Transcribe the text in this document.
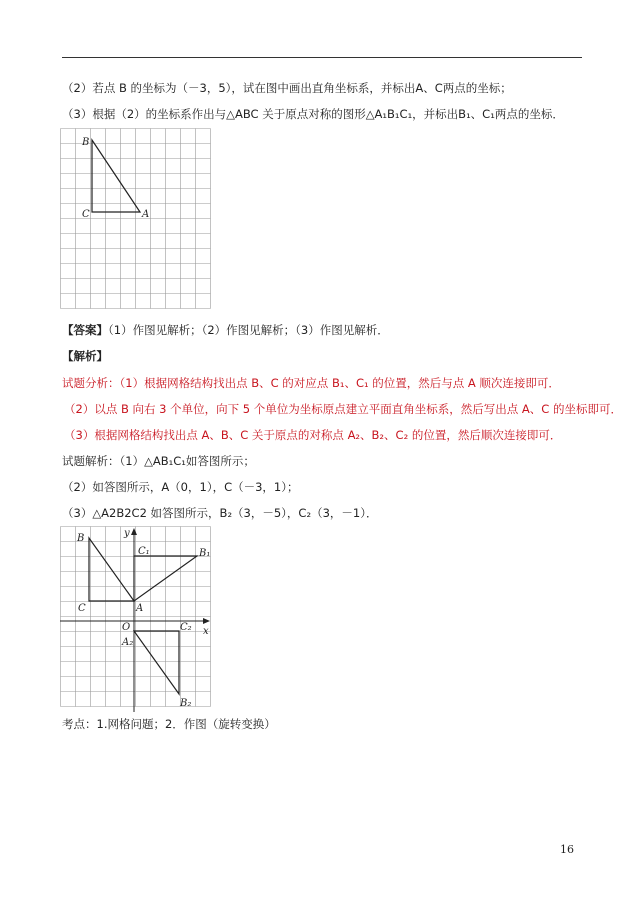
（2）若点 B 的坐标为（－3，5），试在图中画出直角坐标系，并标出A、C两点的坐标；
（3）根据（2）的坐标系作出与△ABC 关于原点对称的图形△A₁B₁C₁，并标出B₁、C₁两点的坐标．
B
C	A
【答案】（1）作图见解析；（2）作图见解析；（3）作图见解析．
【解析】
试题分析：（1）根据网格结构找出点 B、C 的对应点 B₁、C₁ 的位置，然后与点 A 顺次连接即可．
（2）以点 B 向右 3 个单位，向下 5 个单位为坐标原点建立平面直角坐标系，然后写出点 A、C 的坐标即可．
（3）根据网格结构找出点 A、B、C 关于原点的对称点 A₂、B₂、C₂ 的位置，然后顺次连接即可．
试题解析：（1）△AB₁C₁如答图所示；
（2）如答图所示，A（0，1），C（－3，1）；
（3）△A2B2C2 如答图所示，B₂（3，－5），C₂（3，－1）．
B	y
C₁	B₁
C	A
O	x
A₂
C₂
B₂
考点：1.网格问题；2．作图（旋转变换）
16
